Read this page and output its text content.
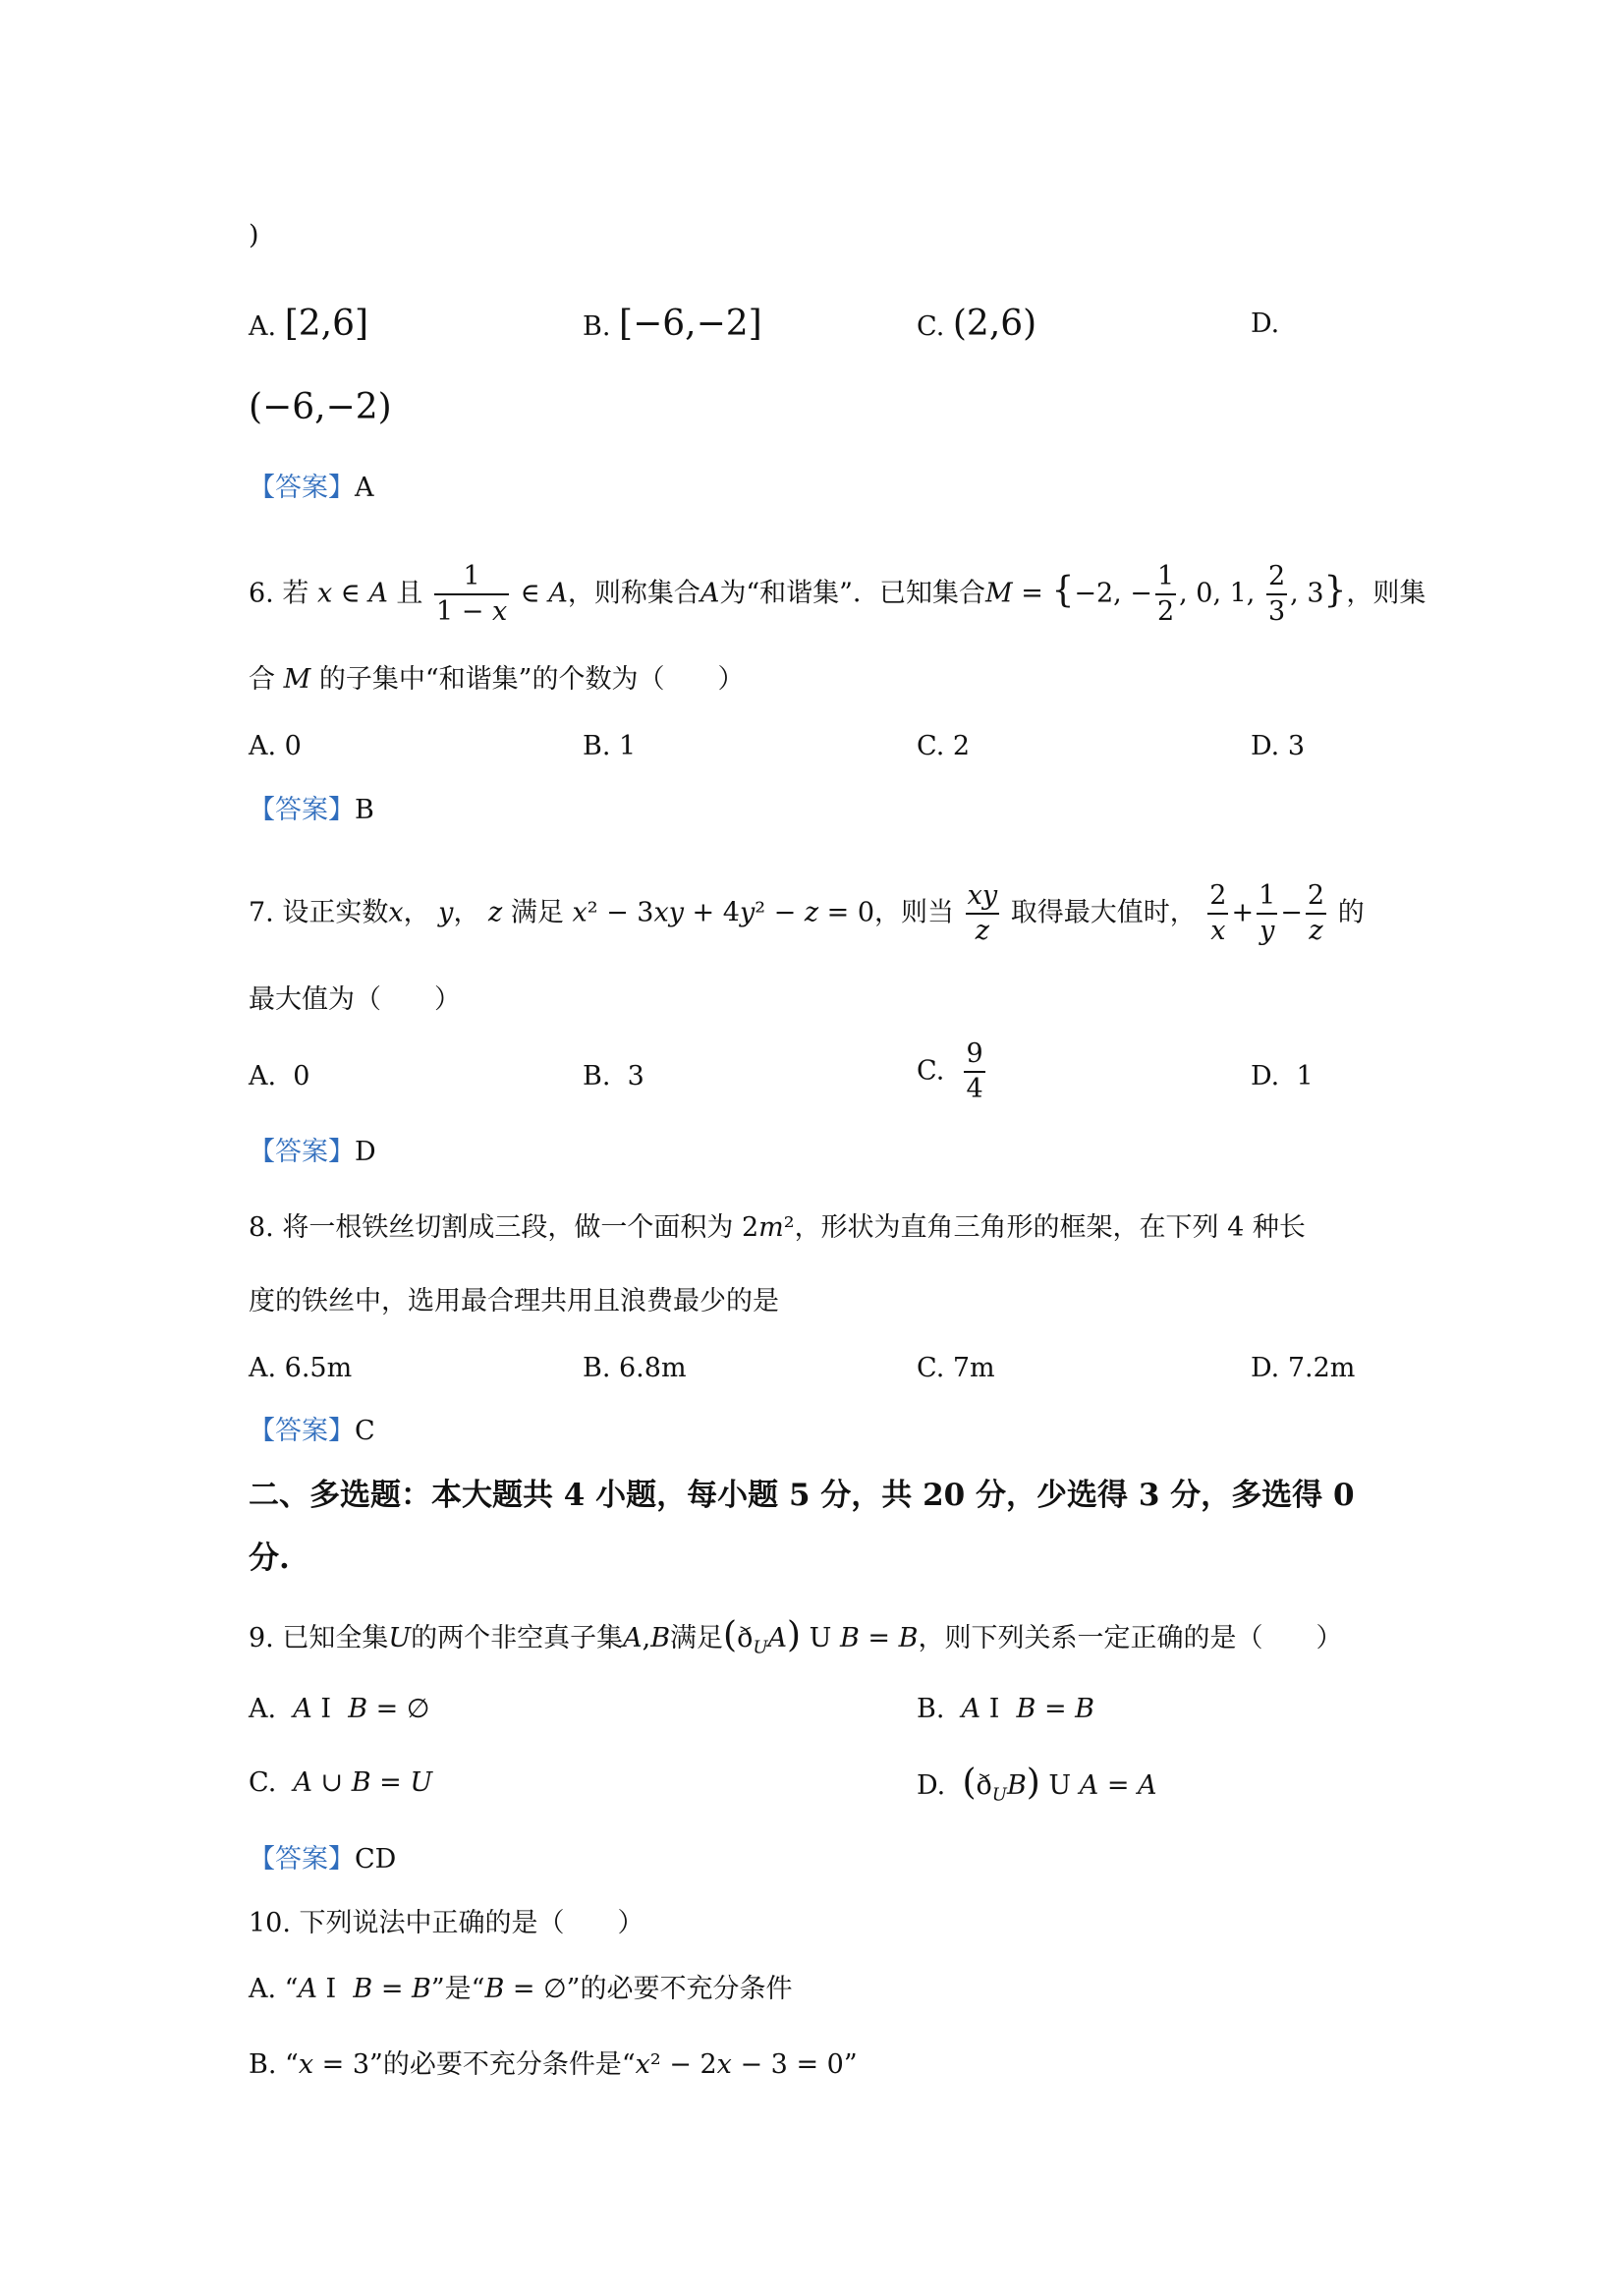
)
A. [2,6]	B. [−6,−2]	C. (2,6)	D.
(−6,−2)
【答案】A
6. 若 x ∈ A 且 $\frac{1}{1 - x}$ ∈ A，则称集合A为“和谐集”．已知集合M = {−2, − $\frac{1}{2}$ , 0, 1, $\frac{2}{3}$ , 3}，则集
合 M 的子集中“和谐集”的个数为（　　）
A. 0	B. 1	C. 2	D. 3
【答案】B
7. 设正实数x， y， z 满足 x² − 3xy + 4y² − z = 0，则当 $\frac{xy}{z}$ 取得最大值时， $\frac{2}{x} + \frac{1}{y} - \frac{2}{z}$ 的
最大值为（　　）
A. 0	B. 3	C. $\frac{9}{4}$	D. 1
【答案】D
8. 将一根铁丝切割成三段，做一个面积为 2m²，形状为直角三角形的框架，在下列 4 种长
度的铁丝中，选用最合理共用且浪费最少的是
A. 6.5m	B. 6.8m	C. 7m	D. 7.2m
【答案】C
二、多选题：本大题共 4 小题，每小题 5 分，共 20 分，少选得 3 分，多选得 0
分.
9. 已知全集U的两个非空真子集A,B满足$(ð_UA)$ U B = B，则下列关系一定正确的是（　　）
A. A I  B = ∅	B. A I  B = B
C. A ∪ B = U	D. $(ð_UB)$ U A = A
【答案】CD
10. 下列说法中正确的是（　　）
A. “A I  B = B”是“B = ∅”的必要不充分条件
B. “x = 3”的必要不充分条件是“x² − 2x − 3 = 0”
